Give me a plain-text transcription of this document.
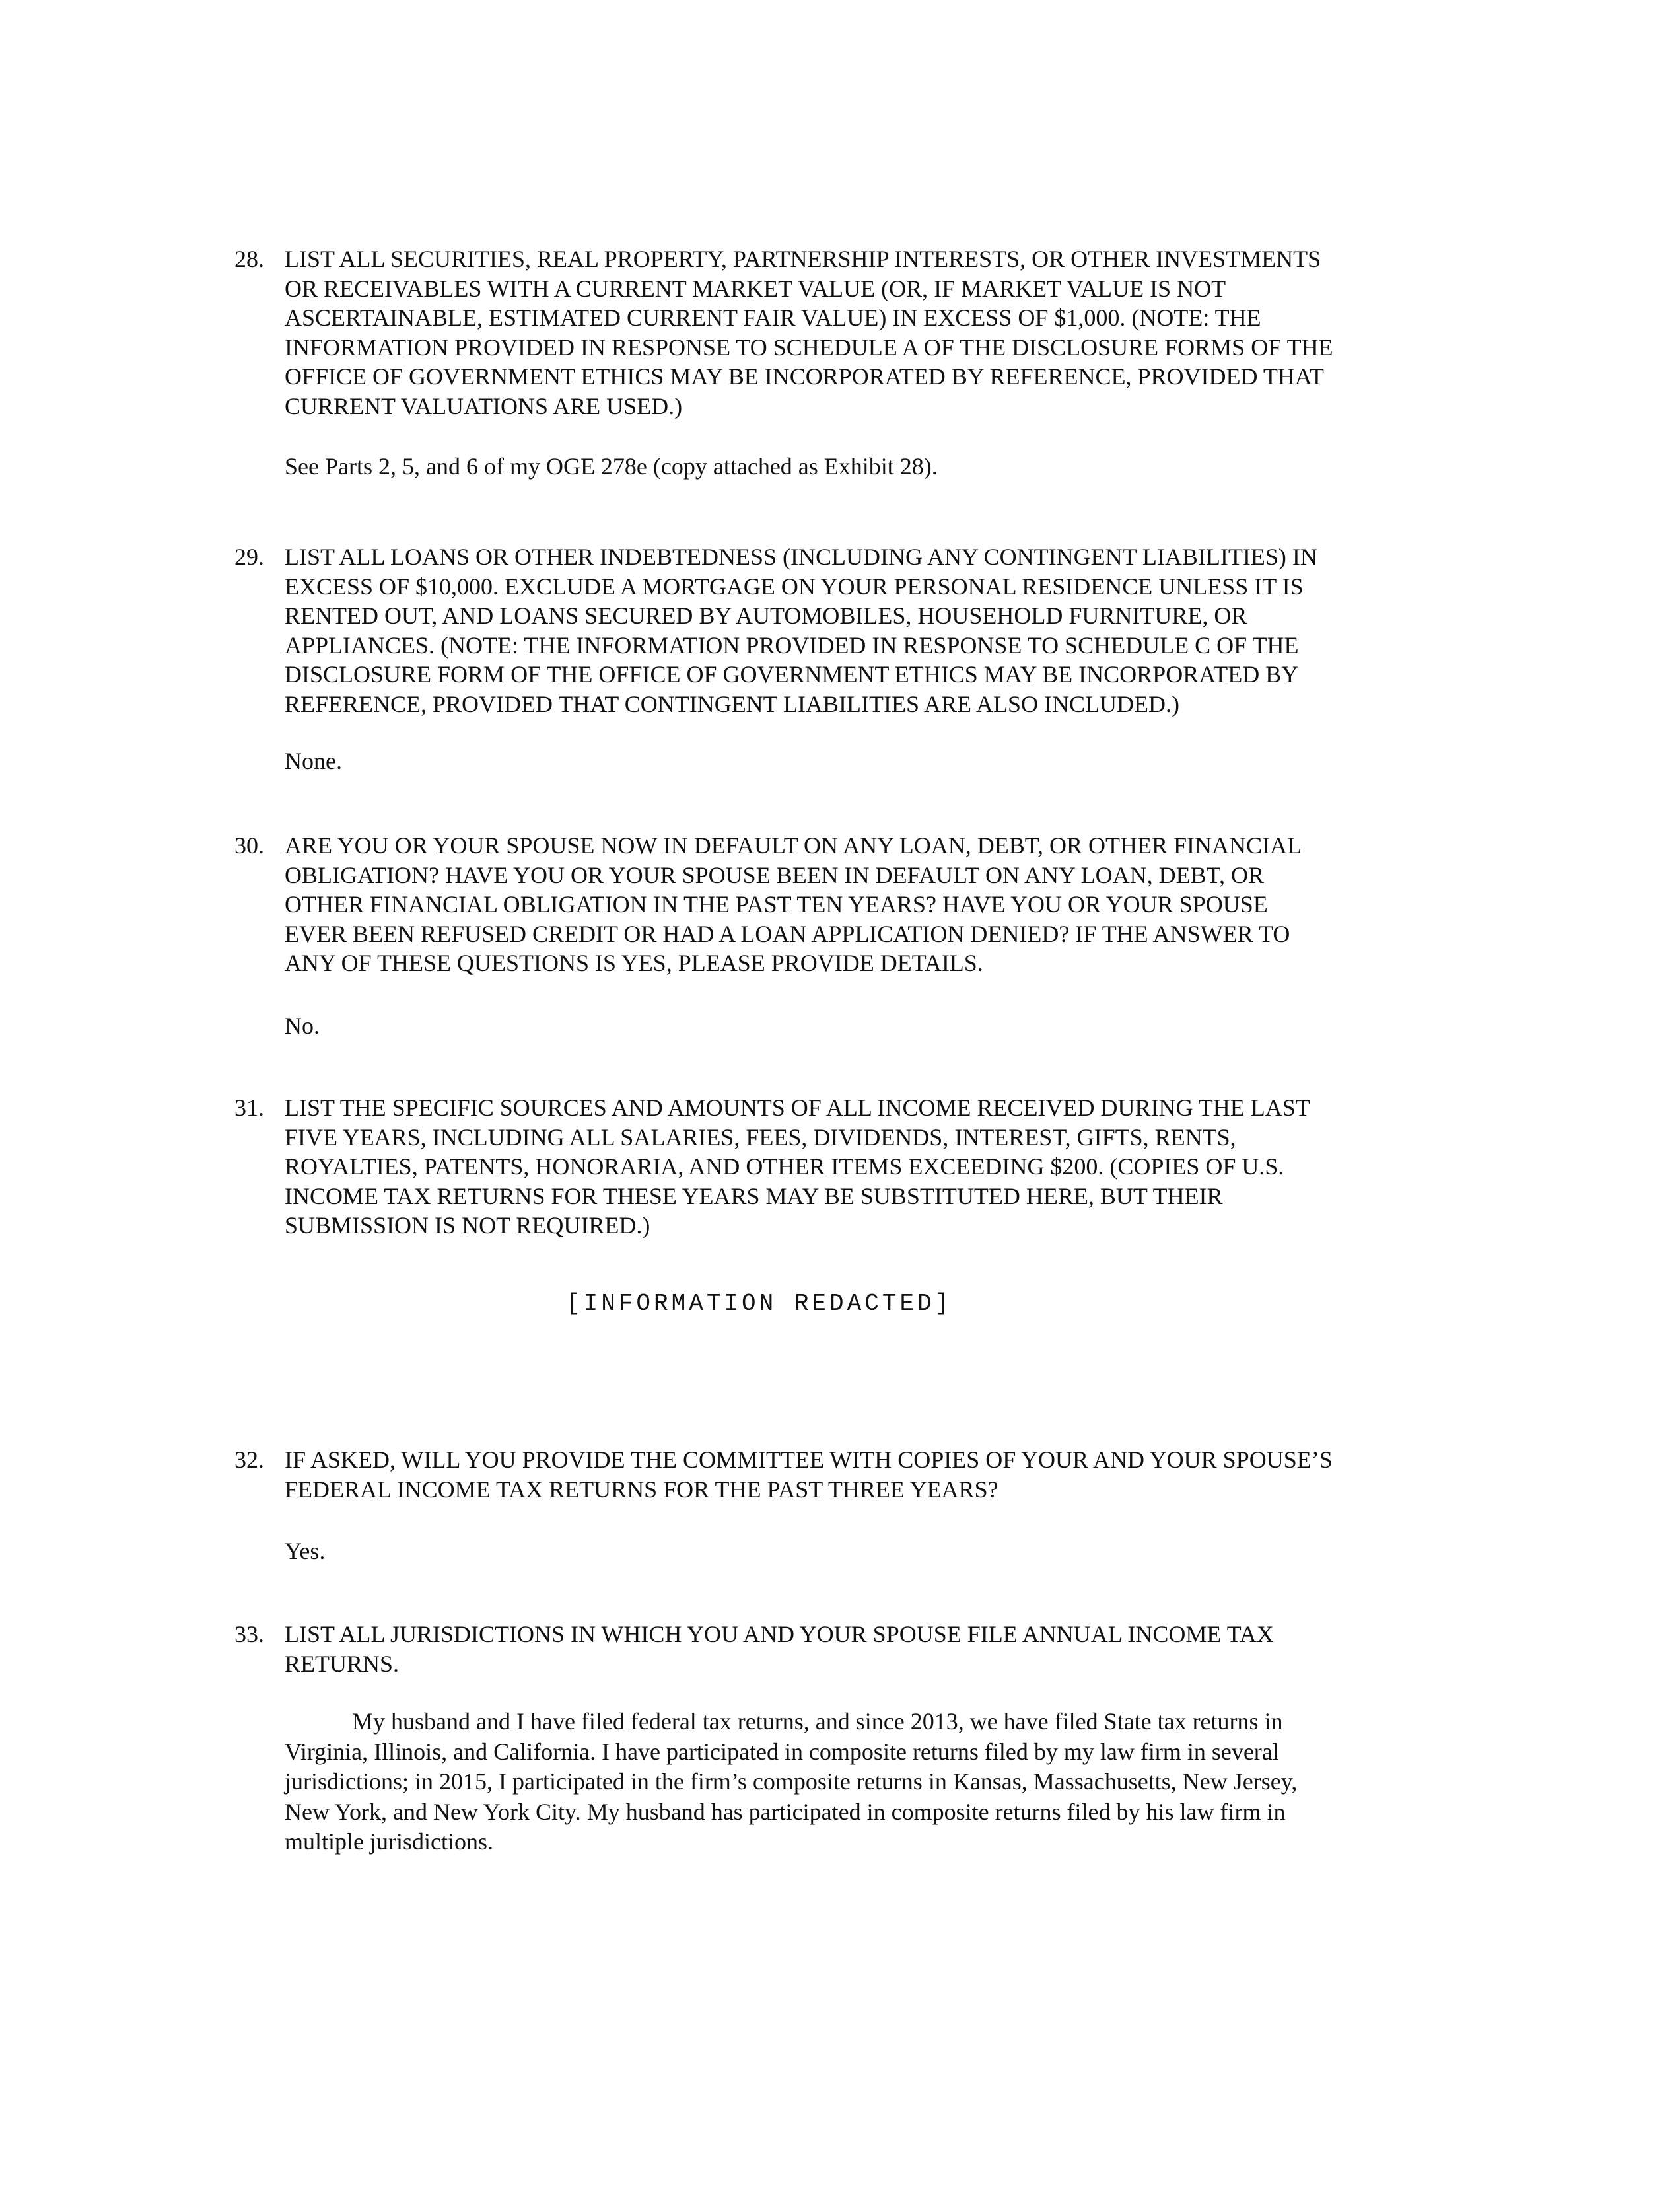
28. LIST ALL SECURITIES, REAL PROPERTY, PARTNERSHIP INTERESTS, OR OTHER INVESTMENTS
OR RECEIVABLES WITH A CURRENT MARKET VALUE (OR, IF MARKET VALUE IS NOT
ASCERTAINABLE, ESTIMATED CURRENT FAIR VALUE) IN EXCESS OF $1,000. (NOTE: THE
INFORMATION PROVIDED IN RESPONSE TO SCHEDULE A OF THE DISCLOSURE FORMS OF THE
OFFICE OF GOVERNMENT ETHICS MAY BE INCORPORATED BY REFERENCE, PROVIDED THAT
CURRENT VALUATIONS ARE USED.)
See Parts 2, 5, and 6 of my OGE 278e (copy attached as Exhibit 28).
29. LIST ALL LOANS OR OTHER INDEBTEDNESS (INCLUDING ANY CONTINGENT LIABILITIES) IN
EXCESS OF $10,000. EXCLUDE A MORTGAGE ON YOUR PERSONAL RESIDENCE UNLESS IT IS
RENTED OUT, AND LOANS SECURED BY AUTOMOBILES, HOUSEHOLD FURNITURE, OR
APPLIANCES. (NOTE: THE INFORMATION PROVIDED IN RESPONSE TO SCHEDULE C OF THE
DISCLOSURE FORM OF THE OFFICE OF GOVERNMENT ETHICS MAY BE INCORPORATED BY
REFERENCE, PROVIDED THAT CONTINGENT LIABILITIES ARE ALSO INCLUDED.)
None.
30. ARE YOU OR YOUR SPOUSE NOW IN DEFAULT ON ANY LOAN, DEBT, OR OTHER FINANCIAL
OBLIGATION? HAVE YOU OR YOUR SPOUSE BEEN IN DEFAULT ON ANY LOAN, DEBT, OR
OTHER FINANCIAL OBLIGATION IN THE PAST TEN YEARS? HAVE YOU OR YOUR SPOUSE
EVER BEEN REFUSED CREDIT OR HAD A LOAN APPLICATION DENIED? IF THE ANSWER TO
ANY OF THESE QUESTIONS IS YES, PLEASE PROVIDE DETAILS.
No.
31. LIST THE SPECIFIC SOURCES AND AMOUNTS OF ALL INCOME RECEIVED DURING THE LAST
FIVE YEARS, INCLUDING ALL SALARIES, FEES, DIVIDENDS, INTEREST, GIFTS, RENTS,
ROYALTIES, PATENTS, HONORARIA, AND OTHER ITEMS EXCEEDING $200. (COPIES OF U.S.
INCOME TAX RETURNS FOR THESE YEARS MAY BE SUBSTITUTED HERE, BUT THEIR
SUBMISSION IS NOT REQUIRED.)
[INFORMATION REDACTED]
32. IF ASKED, WILL YOU PROVIDE THE COMMITTEE WITH COPIES OF YOUR AND YOUR SPOUSE’S
FEDERAL INCOME TAX RETURNS FOR THE PAST THREE YEARS?
Yes.
33. LIST ALL JURISDICTIONS IN WHICH YOU AND YOUR SPOUSE FILE ANNUAL INCOME TAX
RETURNS.
My husband and I have filed federal tax returns, and since 2013, we have filed State tax returns in
Virginia, Illinois, and California. I have participated in composite returns filed by my law firm in several
jurisdictions; in 2015, I participated in the firm’s composite returns in Kansas, Massachusetts, New Jersey,
New York, and New York City. My husband has participated in composite returns filed by his law firm in
multiple jurisdictions.
